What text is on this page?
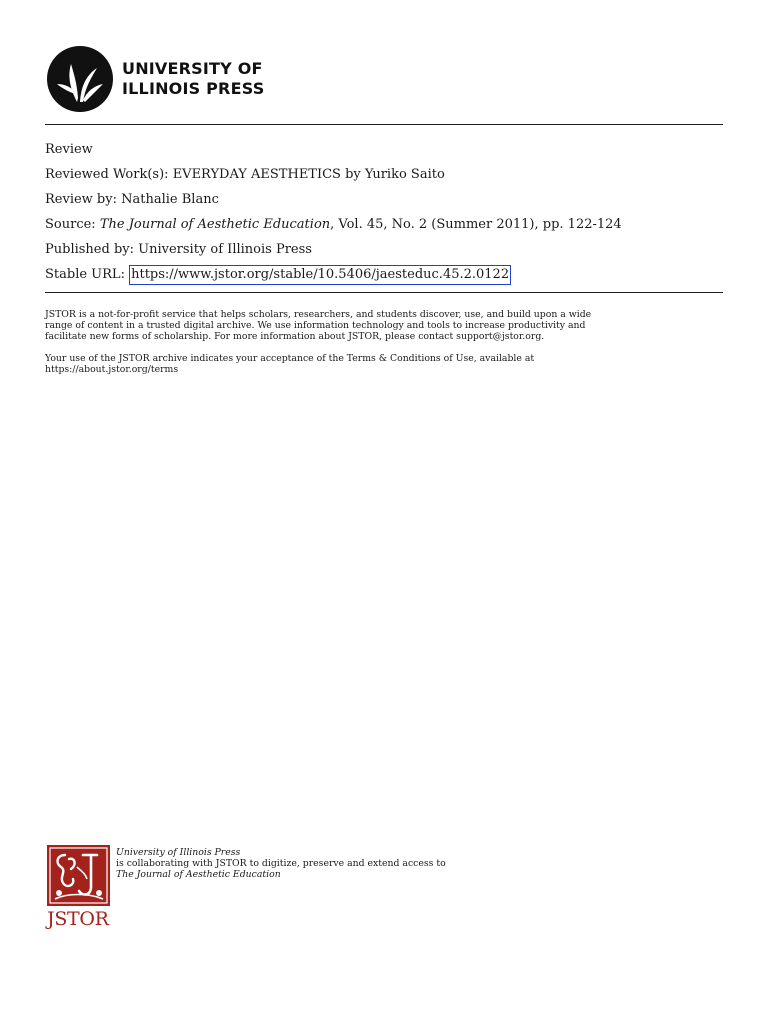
UNIVERSITY OF
ILLINOIS PRESS
Review
Reviewed Work(s): EVERYDAY AESTHETICS by Yuriko Saito
Review by: Nathalie Blanc
Source: The Journal of Aesthetic Education, Vol. 45, No. 2 (Summer 2011), pp. 122-124
Published by: University of Illinois Press
Stable URL: https://www.jstor.org/stable/10.5406/jaesteduc.45.2.0122
JSTOR is a not-for-profit service that helps scholars, researchers, and students discover, use, and build upon a wide
range of content in a trusted digital archive. We use information technology and tools to increase productivity and
facilitate new forms of scholarship. For more information about JSTOR, please contact support@jstor.org.
Your use of the JSTOR archive indicates your acceptance of the Terms & Conditions of Use, available at
https://about.jstor.org/terms
JSTOR
University of Illinois Press
is collaborating with JSTOR to digitize, preserve and extend access to
The Journal of Aesthetic Education
